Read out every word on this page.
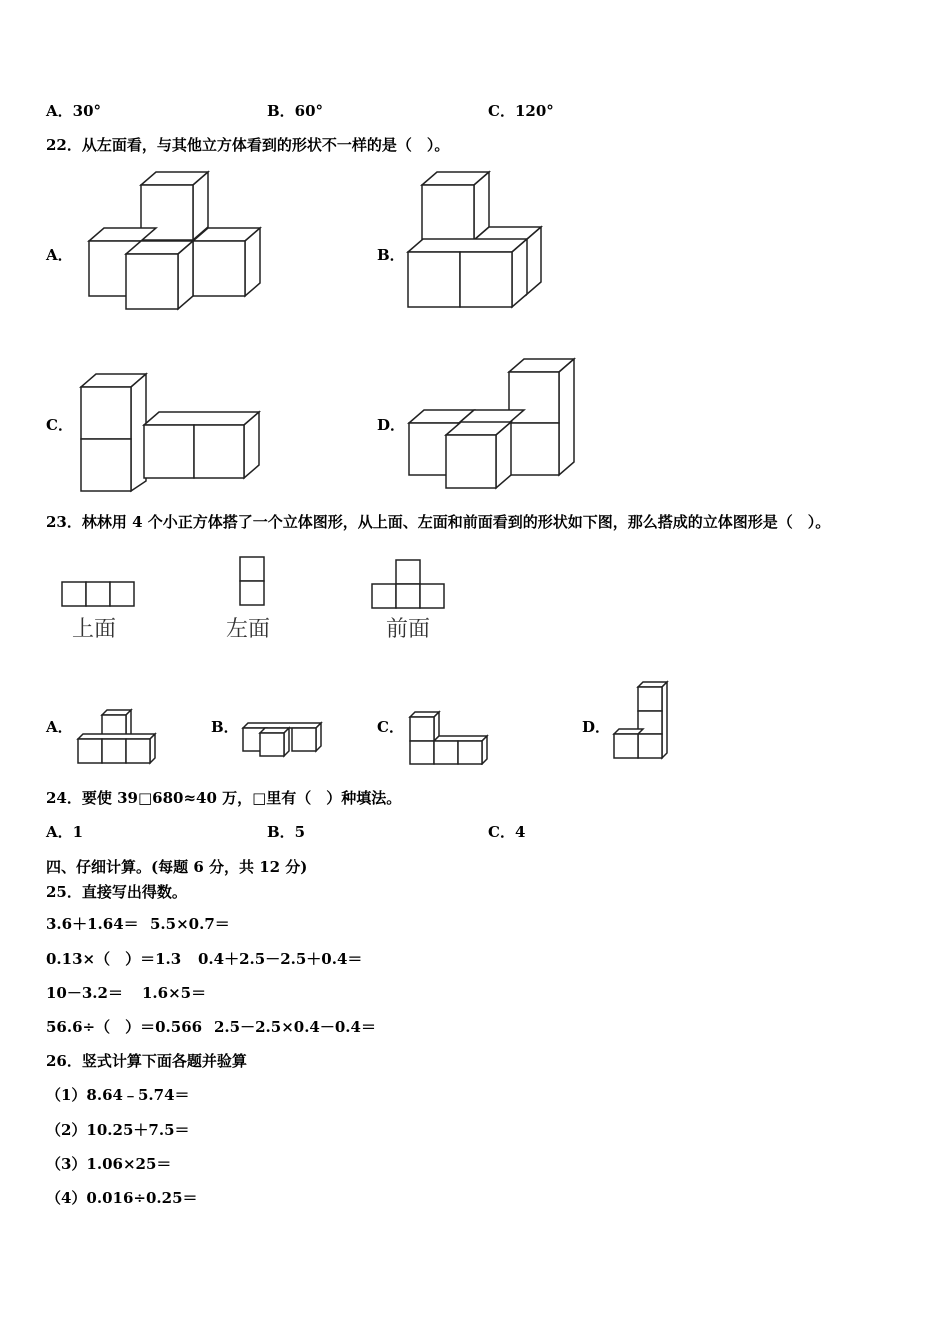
A．30°	B．60°	C．120°
22．从左面看，与其他立方体看到的形状不一样的是（　）。
A．	B．
C．	D．
23．林林用 4 个小正方体搭了一个立体图形，从上面、左面和前面看到的形状如下图，那么搭成的立体图形是（　）。
上面	左面	前面
A．	B．	C．	D．
24．要使 39□680≈40 万，□里有（　）种填法。
A．1	B．5	C．4
四、仔细计算。(每题 6 分，共 12 分)
25．直接写出得数。
3.6＋1.64＝ 5.5×0.7＝
0.13×（　）＝1.3 0.4＋2.5－2.5＋0.4＝
10－3.2＝ 1.6×5＝
56.6÷（　）＝0.566 2.5－2.5×0.4－0.4＝
26．竖式计算下面各题并验算
（1）8.64﹣5.74＝
（2）10.25＋7.5＝
（3）1.06×25＝
（4）0.016÷0.25＝
